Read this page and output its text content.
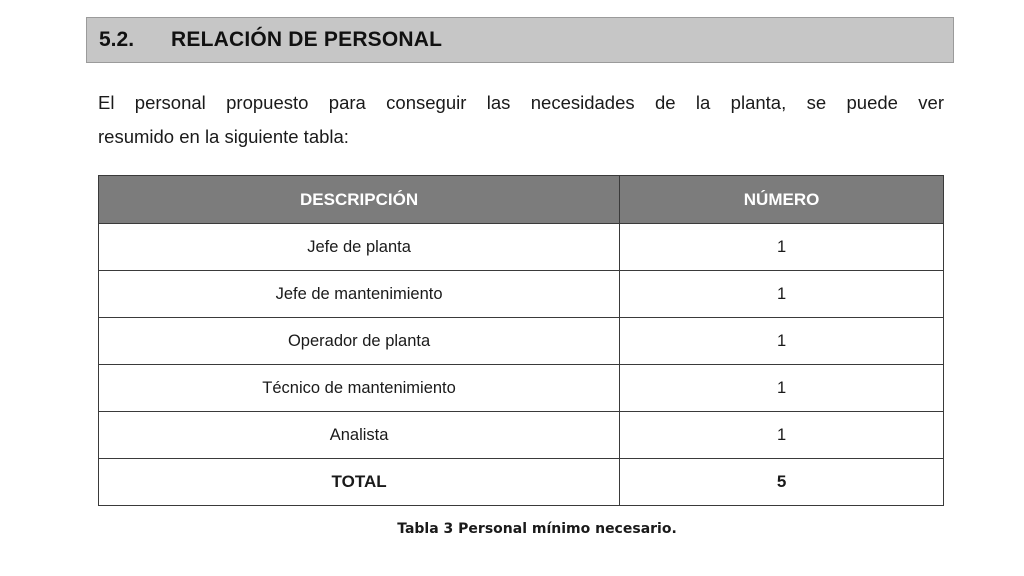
5.2.	RELACIÓN DE PERSONAL

El personal propuesto para conseguir las necesidades de la planta, se puede ver
resumido en la siguiente tabla:

DESCRIPCIÓN	NÚMERO
Jefe de planta	1
Jefe de mantenimiento	1
Operador de planta	1
Técnico de mantenimiento	1
Analista	1
TOTAL	5
Tabla 3 Personal mínimo necesario.
